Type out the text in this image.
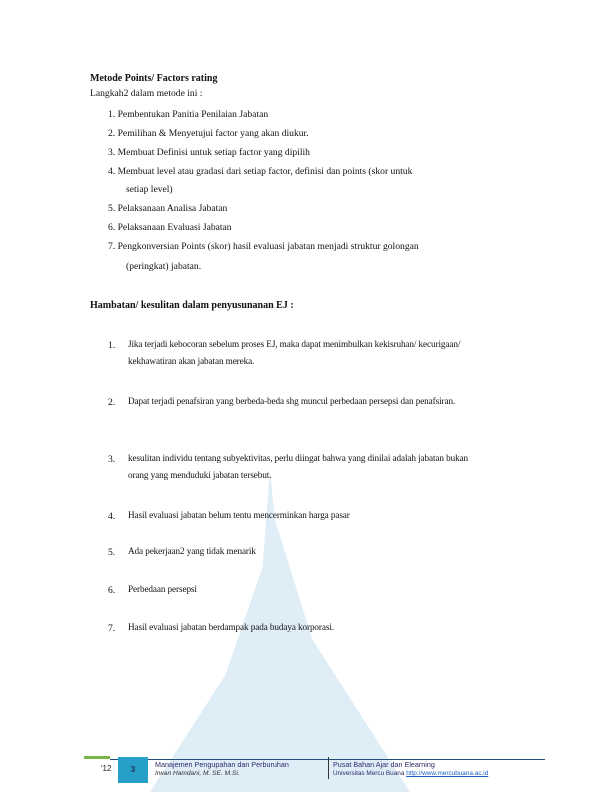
Metode Points/ Factors rating
Langkah2 dalam metode ini :
1. Pembentukan Panitia Penilaian Jabatan
2. Pemilihan & Menyetujui factor yang akan diukur.
3. Membuat Definisi untuk setiap factor yang dipilih
4. Membuat level atau gradasi dari setiap factor, definisi dan points (skor untuk
setiap level)
5. Pelaksanaan Analisa Jabatan
6. Pelaksanaan Evaluasi Jabatan
7. Pengkonversian Points (skor) hasil evaluasi jabatan menjadi struktur golongan
(peringkat) jabatan.
Hambatan/ kesulitan dalam penyusunanan EJ :
1. Jika terjadi kebocoran sebelum proses EJ, maka dapat menimbulkan kekisruhan/ kecurigaan/ kekhawatiran akan jabatan mereka.
2. Dapat terjadi penafsiran yang berbeda-beda shg muncul perbedaan persepsi dan penafsiran.
3. kesulitan individu tentang subyektivitas, perlu diingat bahwa yang dinilai adalah jabatan bukan orang yang menduduki jabatan tersebut.
4. Hasil evaluasi jabatan belum tentu mencerminkan harga pasar
5. Ada pekerjaan2 yang tidak menarik
6. Perbedaan persepsi
7. Hasil evaluasi jabatan berdampak pada budaya korporasi.
'12	3
Manajemen Pengupahan dan Perburuhan
Irwan Hamdani, M. SE. M.Si.
Pusat Bahan Ajar dan Elearning
Universitas Mercu Buana http://www.mercubuana.ac.id
